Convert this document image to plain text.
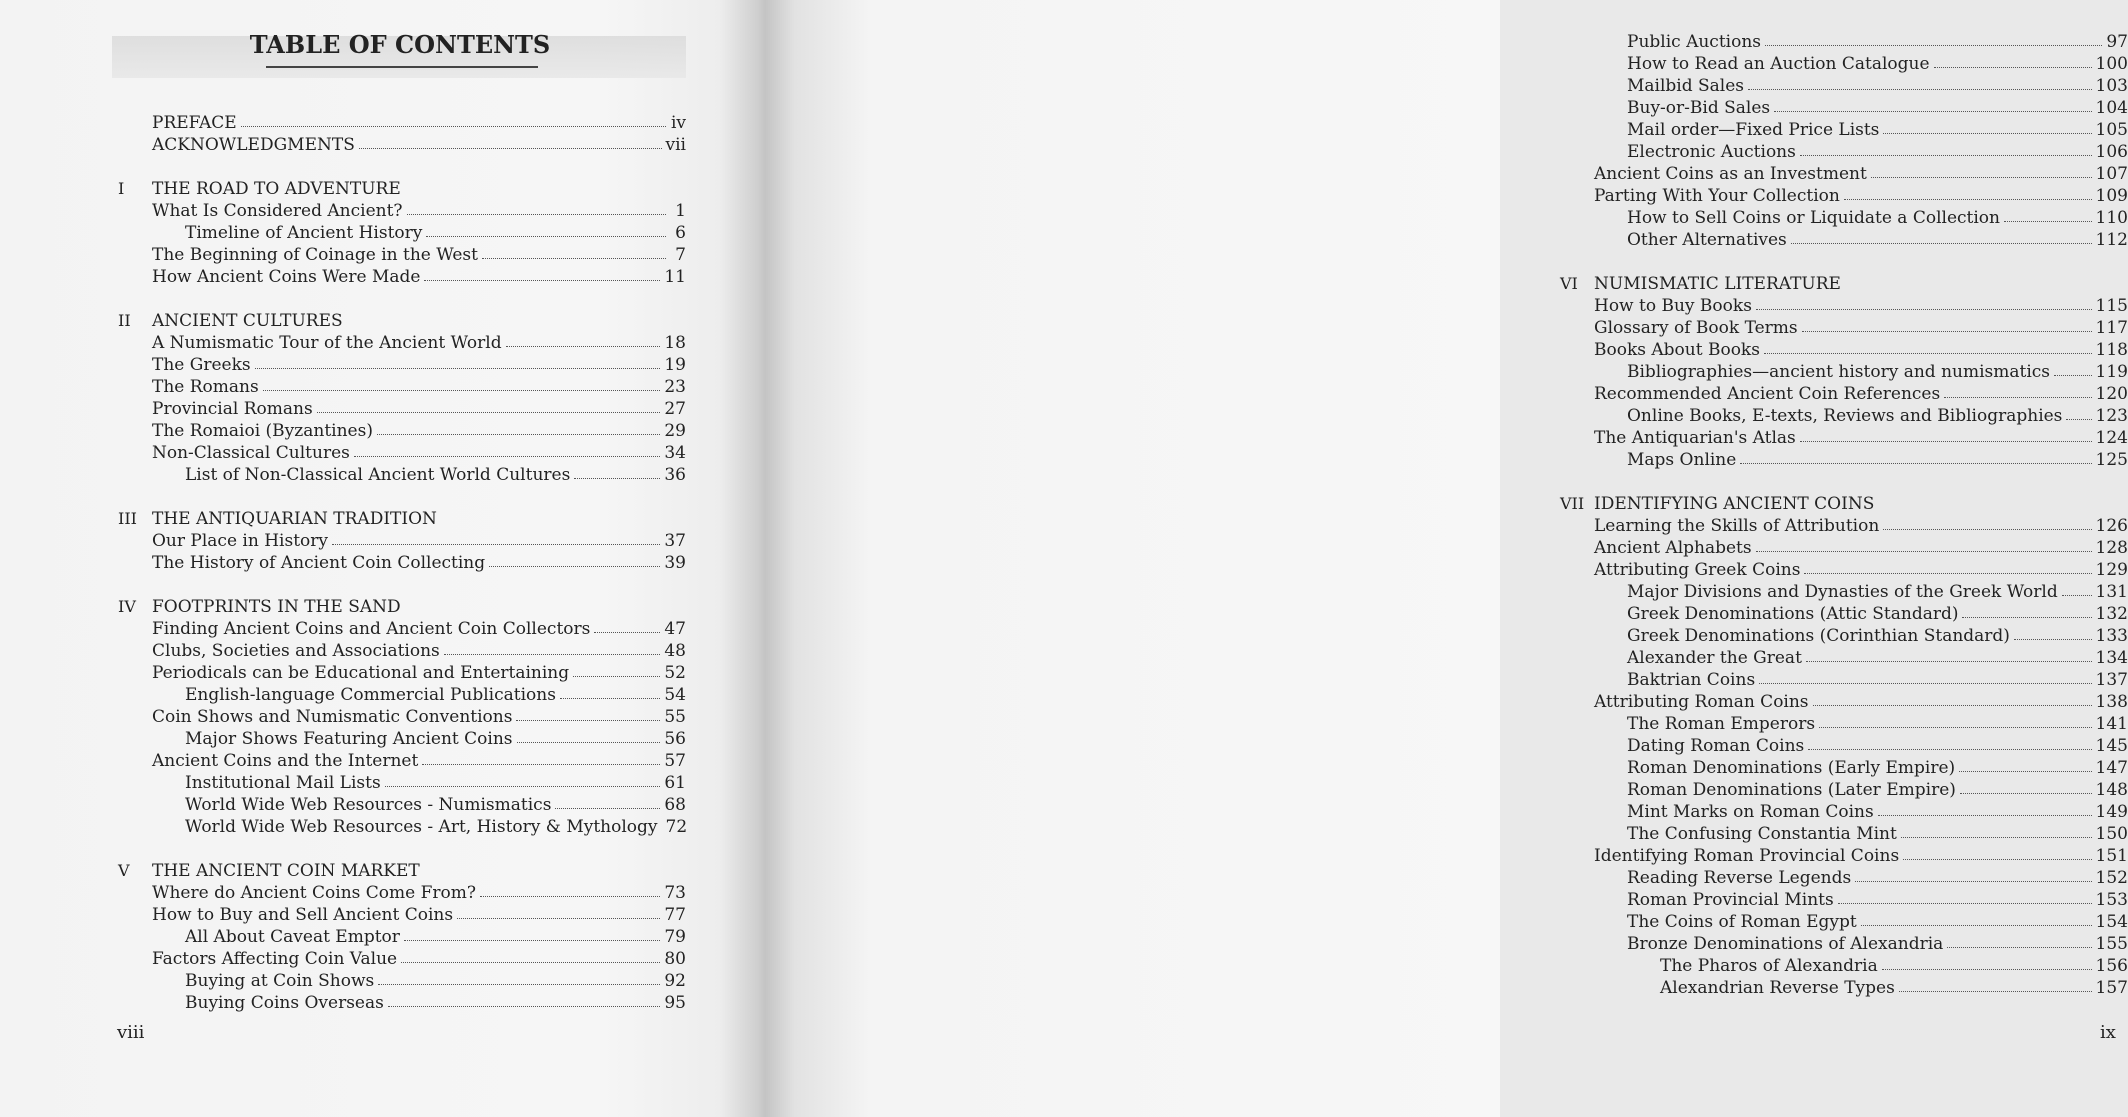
TABLE OF CONTENTS
PREFACE	iv
ACKNOWLEDGMENTS	vii
I	THE ROAD TO ADVENTURE
What Is Considered Ancient?	1
Timeline of Ancient History	6
The Beginning of Coinage in the West	7
How Ancient Coins Were Made	11
II	ANCIENT CULTURES
A Numismatic Tour of the Ancient World	18
The Greeks	19
The Romans	23
Provincial Romans	27
The Romaioi (Byzantines)	29
Non-Classical Cultures	34
List of Non-Classical Ancient World Cultures	36
III THE ANTIQUARIAN TRADITION
Our Place in History	37
The History of Ancient Coin Collecting	39
IV FOOTPRINTS IN THE SAND
Finding Ancient Coins and Ancient Coin Collectors	47
Clubs, Societies and Associations	48
Periodicals can be Educational and Entertaining	52
English-language Commercial Publications	54
Coin Shows and Numismatic Conventions	55
Major Shows Featuring Ancient Coins	56
Ancient Coins and the Internet	57
Institutional Mail Lists	61
World Wide Web Resources - Numismatics	68
World Wide Web Resources - Art, History & Mythology 72
V	THE ANCIENT COIN MARKET
Where do Ancient Coins Come From?	73
How to Buy and Sell Ancient Coins	77
All About Caveat Emptor	79
Factors Affecting Coin Value	80
Buying at Coin Shows	92
Buying Coins Overseas	95
viii
Public Auctions	97
How to Read an Auction Catalogue	100
Mailbid Sales	103
Buy-or-Bid Sales	104
Mail order—Fixed Price Lists	105
Electronic Auctions	106
Ancient Coins as an Investment	107
Parting With Your Collection	109
How to Sell Coins or Liquidate a Collection	110
Other Alternatives	112
VI NUMISMATIC LITERATURE
How to Buy Books	115
Glossary of Book Terms	117
Books About Books	118
Bibliographies—ancient history and numismatics	119
Recommended Ancient Coin References	120
Online Books, E-texts, Reviews and Bibliographies 123
The Antiquarian's Atlas	124
Maps Online	125
VII IDENTIFYING ANCIENT COINS
Learning the Skills of Attribution	126
Ancient Alphabets	128
Attributing Greek Coins	129
Major Divisions and Dynasties of the Greek World 131
Greek Denominations (Attic Standard)	132
Greek Denominations (Corinthian Standard)	133
Alexander the Great	134
Baktrian Coins	137
Attributing Roman Coins	138
The Roman Emperors	141
Dating Roman Coins	145
Roman Denominations (Early Empire)	147
Roman Denominations (Later Empire)	148
Mint Marks on Roman Coins	149
The Confusing Constantia Mint	150
Identifying Roman Provincial Coins	151
Reading Reverse Legends	152
Roman Provincial Mints	153
The Coins of Roman Egypt	154
Bronze Denominations of Alexandria	155
The Pharos of Alexandria	156
Alexandrian Reverse Types	157
ix
